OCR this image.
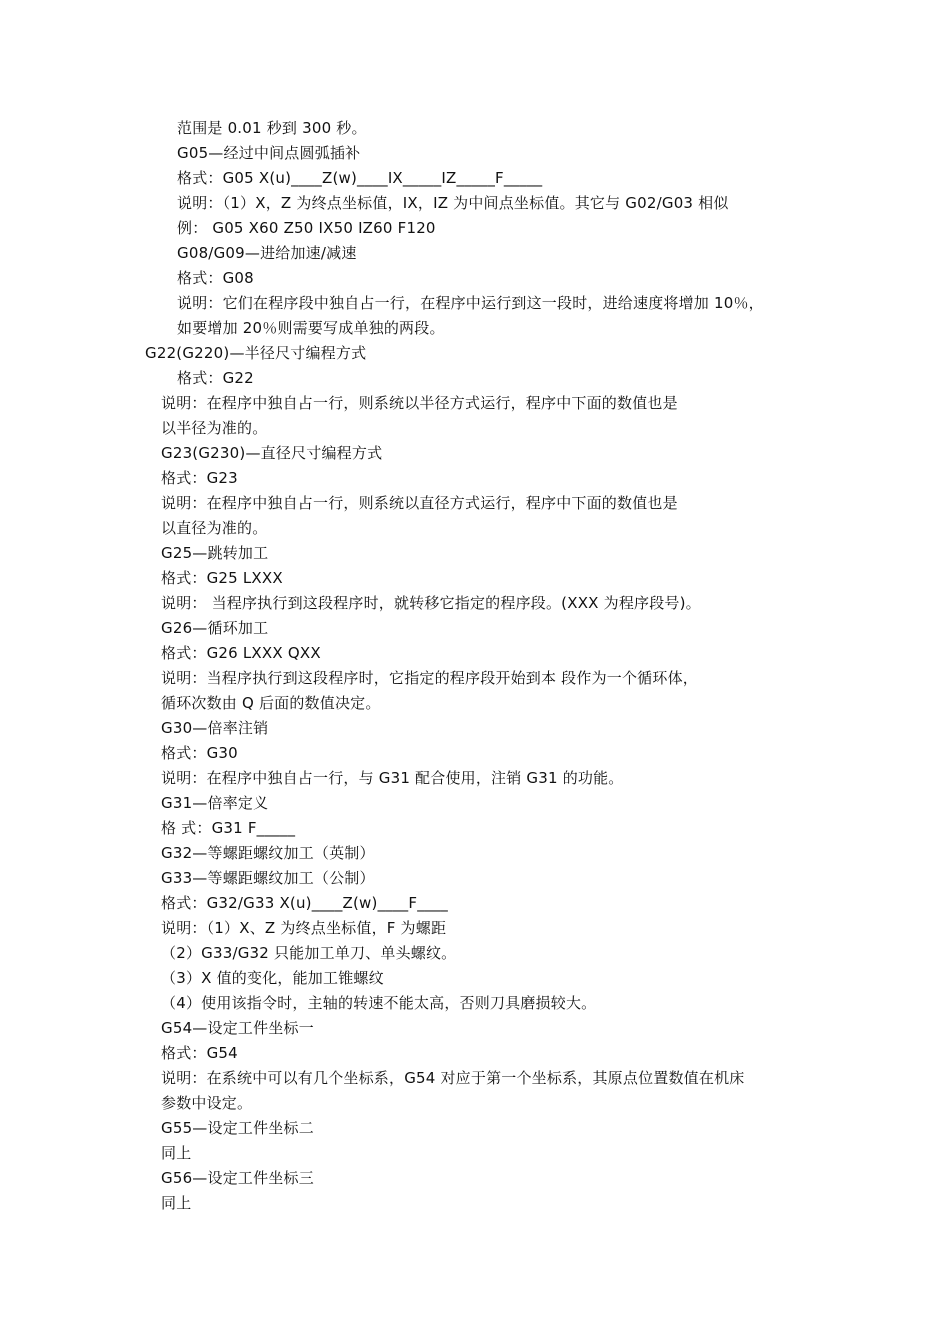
范围是 0.01 秒到 300 秒。
G05—经过中间点圆弧插补
格式：G05 X(u)____Z(w)____IX_____IZ_____F_____
说明：（1）X，Z 为终点坐标值，IX，IZ 为中间点坐标值。其它与 G02/G03 相似
例： G05 X60 Z50 IX50 IZ60 F120
G08/G09—进给加速/减速
格式：G08
说明：它们在程序段中独自占一行，在程序中运行到这一段时，进给速度将增加 10％，
如要增加 20％则需要写成单独的两段。
G22(G220)—半径尺寸编程方式
格式：G22
说明：在程序中独自占一行，则系统以半径方式运行，程序中下面的数值也是
以半径为准的。
G23(G230)—直径尺寸编程方式
格式：G23
说明：在程序中独自占一行，则系统以直径方式运行，程序中下面的数值也是
以直径为准的。
G25—跳转加工
格式：G25 LXXX
说明： 当程序执行到这段程序时，就转移它指定的程序段。(XXX 为程序段号)。
G26—循环加工
格式：G26 LXXX QXX
说明：当程序执行到这段程序时，它指定的程序段开始到本 段作为一个循环体，
循环次数由 Q 后面的数值决定。
G30—倍率注销
格式：G30
说明：在程序中独自占一行，与 G31 配合使用，注销 G31 的功能。
G31—倍率定义
格 式：G31 F_____
G32—等螺距螺纹加工（英制）
G33—等螺距螺纹加工（公制）
格式：G32/G33 X(u)____Z(w)____F____
说明：（1）X、Z 为终点坐标值，F 为螺距
（2）G33/G32 只能加工单刀、单头螺纹。
（3）X 值的变化，能加工锥螺纹
（4）使用该指令时，主轴的转速不能太高，否则刀具磨损较大。
G54—设定工件坐标一
格式：G54
说明：在系统中可以有几个坐标系，G54 对应于第一个坐标系，其原点位置数值在机床
参数中设定。
G55—设定工件坐标二
同上
G56—设定工件坐标三
同上
